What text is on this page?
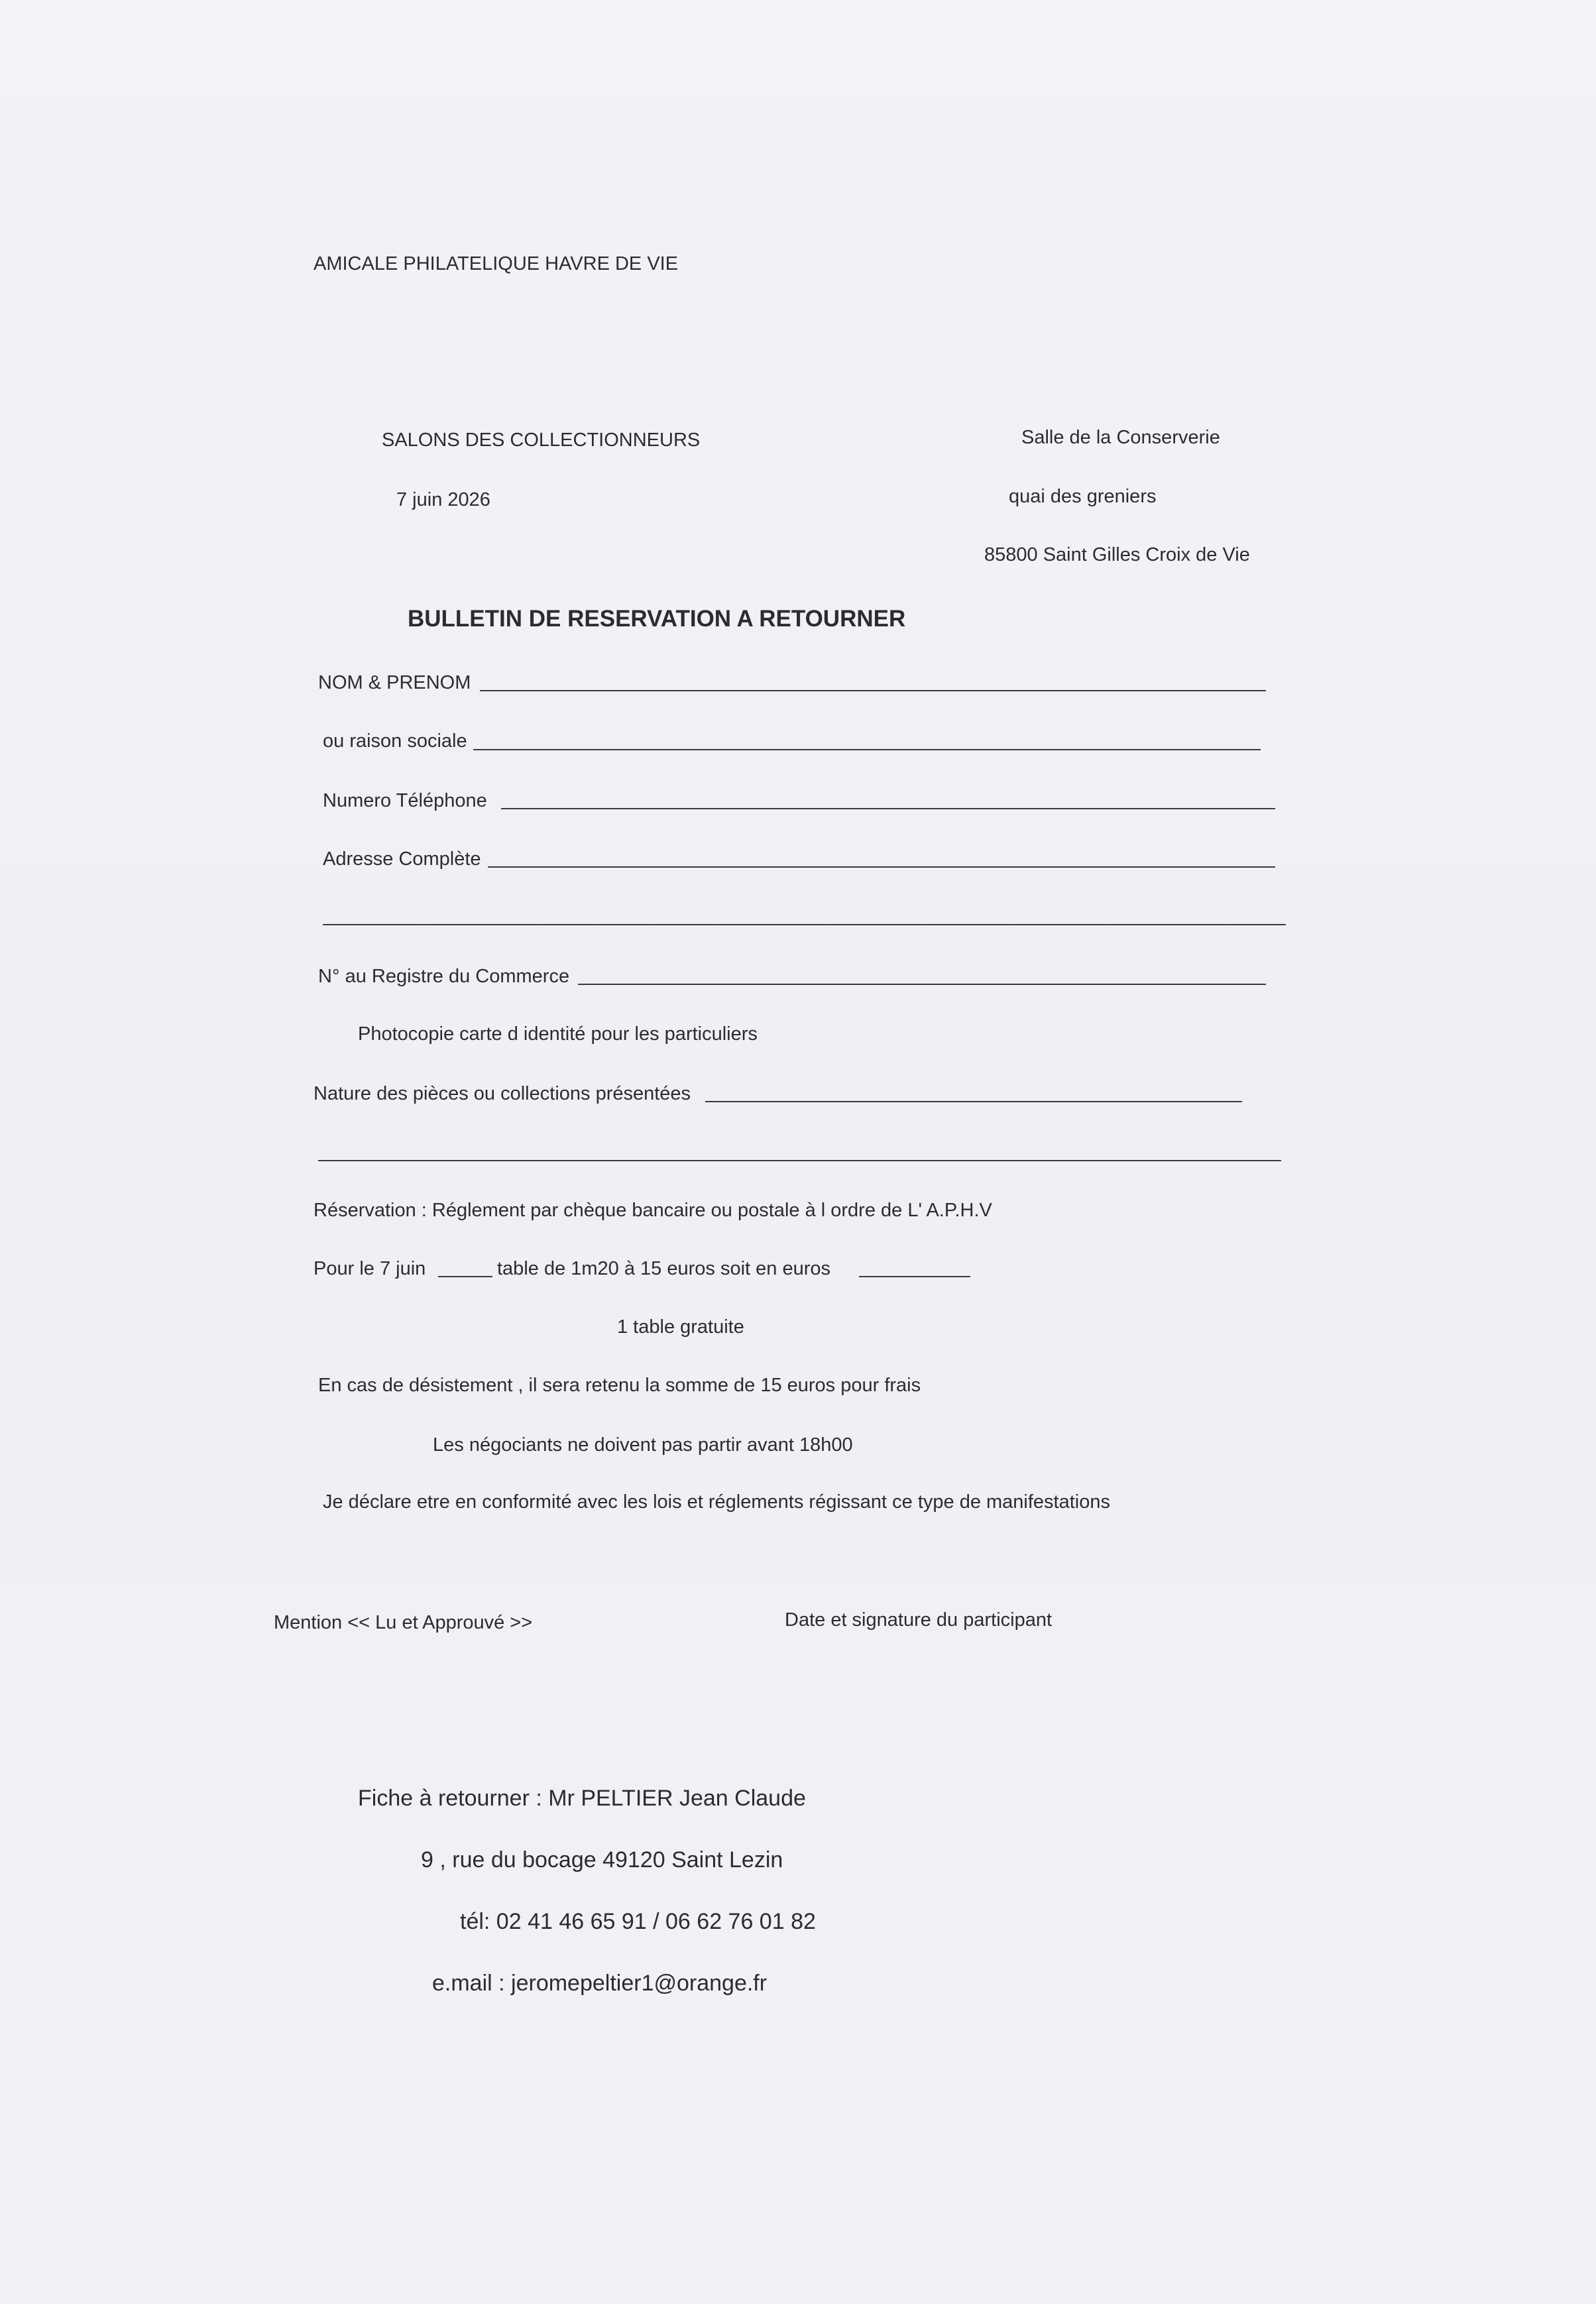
AMICALE PHILATELIQUE HAVRE DE VIE
SALONS DES COLLECTIONNEURS
7 juin 2026
Salle de la Conserverie
quai des greniers
85800 Saint Gilles Croix de Vie
BULLETIN DE RESERVATION A RETOURNER
NOM & PRENOM
ou raison sociale
Numero Téléphone
Adresse Complète
N° au Registre du Commerce
Photocopie carte d identité pour les particuliers
Nature des pièces ou collections présentées
Réservation : Réglement par chèque bancaire ou postale à l ordre de L' A.P.H.V
Pour le 7 juin	table de 1m20 à 15 euros soit en euros
1 table gratuite
En cas de désistement , il sera retenu la somme de 15 euros pour frais
Les négociants ne doivent pas partir avant 18h00
Je déclare etre en conformité avec les lois et réglements régissant ce type de manifestations
Mention << Lu et Approuvé >>	Date et signature du participant
Fiche à retourner : Mr PELTIER Jean Claude
9 , rue du bocage 49120 Saint Lezin
tél: 02 41 46 65 91 / 06 62 76 01 82
e.mail : jeromepeltier1@orange.fr
